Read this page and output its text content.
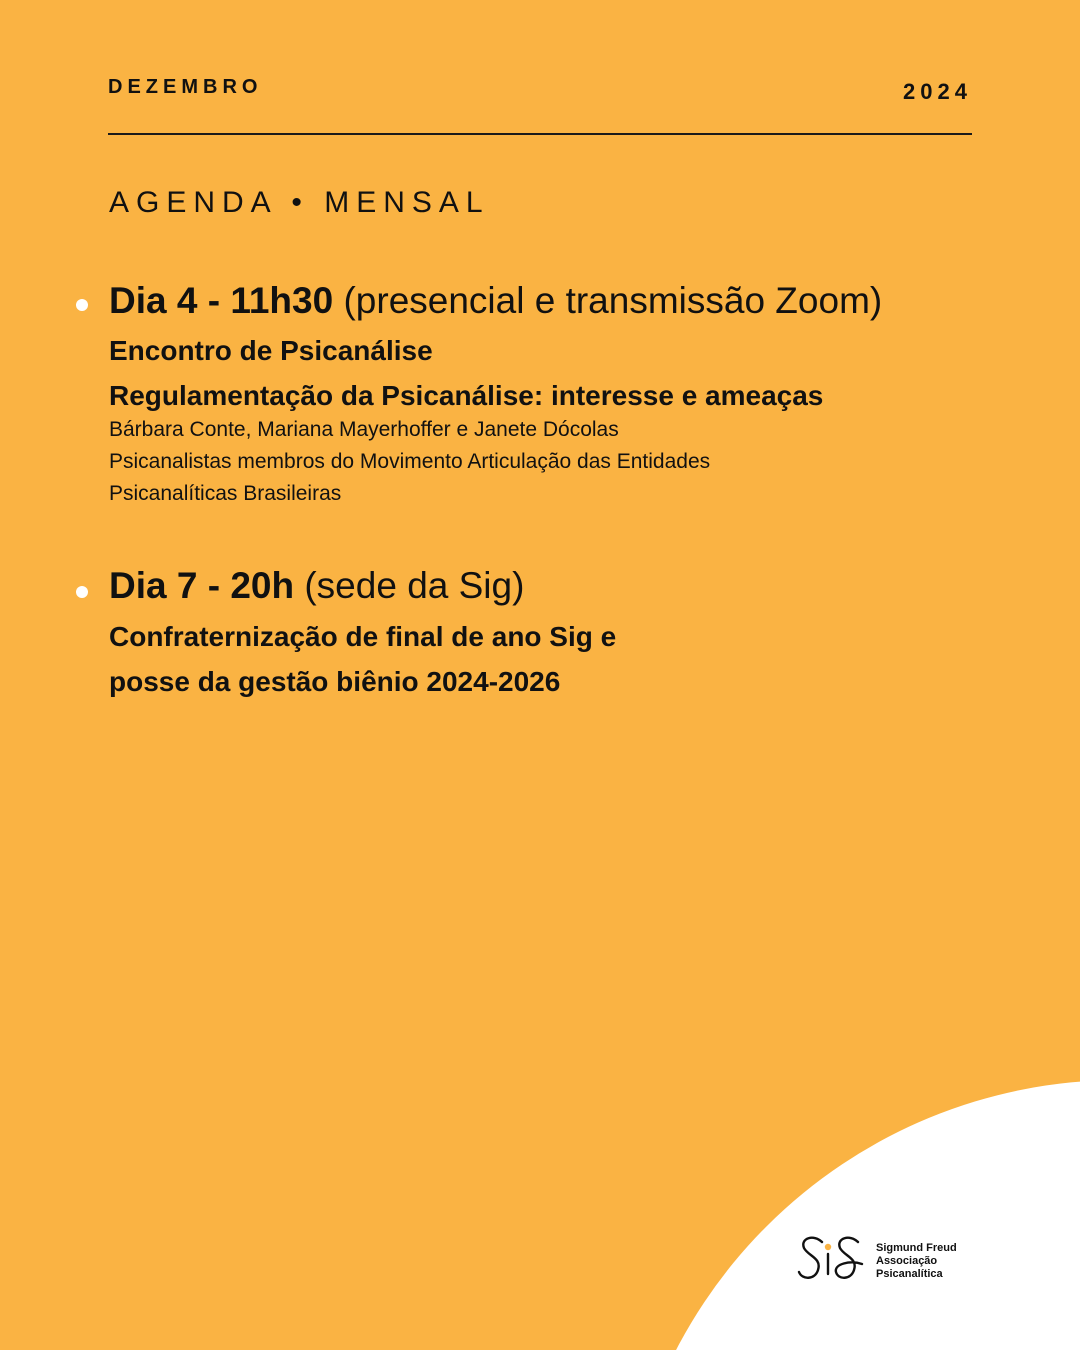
DEZEMBRO	2024
AGENDA • MENSAL
Dia 4 - 11h30 (presencial e transmissão Zoom)
Encontro de Psicanálise
Regulamentação da Psicanálise: interesse e ameaças
Bárbara Conte, Mariana Mayerhoffer e Janete Dócolas
Psicanalistas membros do Movimento Articulação das Entidades
Psicanalíticas Brasileiras
Dia 7 - 20h (sede da Sig)
Confraternização de final de ano Sig e
posse da gestão biênio 2024-2026
Sigmund Freud
Associação
Psicanalítica
